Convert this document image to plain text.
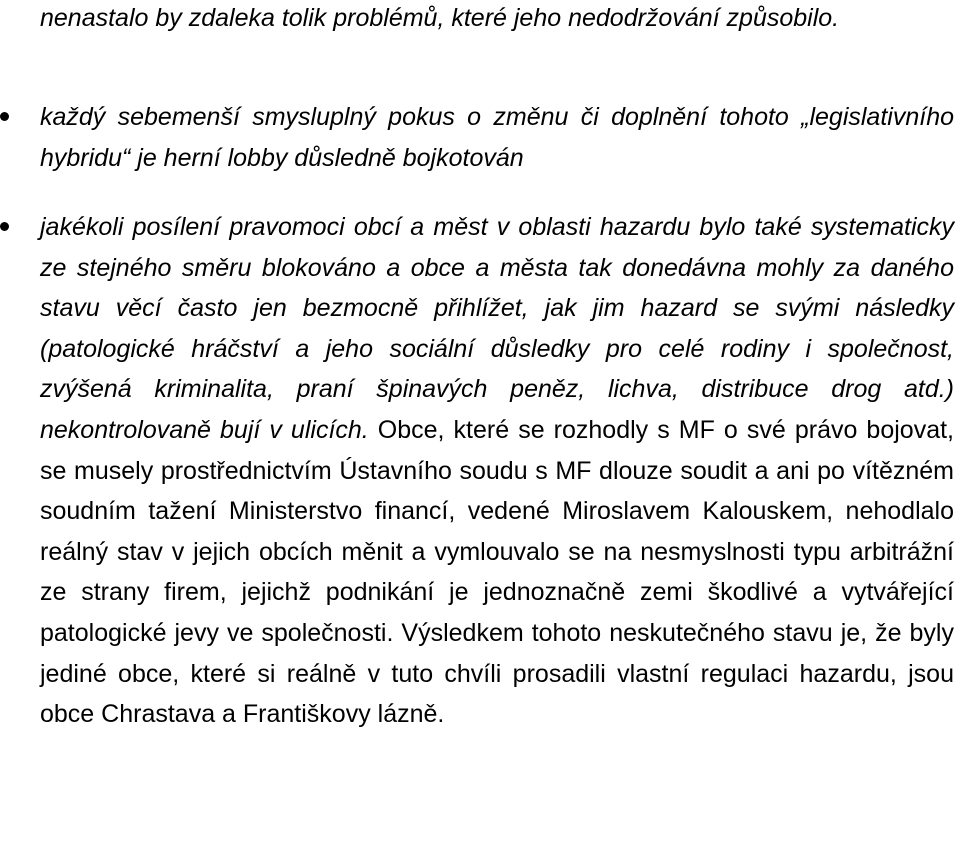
nenastalo by zdaleka tolik problémů, které jeho nedodržování způsobilo.

každý sebemenší smysluplný pokus o změnu či doplnění tohoto „legislativního hybridu“ je herní lobby důsledně bojkotován

jakékoli posílení pravomoci obcí a měst v oblasti hazardu bylo také systematicky ze stejného směru blokováno a obce a města tak donedávna mohly za daného stavu věcí často jen bezmocně přihlížet, jak jim hazard se svými následky (patologické hráčství a jeho sociální důsledky pro celé rodiny i společnost, zvýšená kriminalita, praní špinavých peněz, lichva, distribuce drog atd.) nekontrolovaně bují v ulicích. Obce, které se rozhodly s MF o své právo bojovat, se musely prostřednictvím Ústavního soudu s MF dlouze soudit a ani po vítězném soudním tažení Ministerstvo financí, vedené Miroslavem Kalouskem, nehodlalo reálný stav v jejich obcích měnit a vymlouvalo se na nesmyslnosti typu arbitrážní ze strany firem, jejichž podnikání je jednoznačně zemi škodlivé a vytvářející patologické jevy ve společnosti. Výsledkem tohoto neskutečného stavu je, že byly jediné obce, které si reálně v tuto chvíli prosadili vlastní regulaci hazardu, jsou obce Chrastava a Františkovy lázně.
